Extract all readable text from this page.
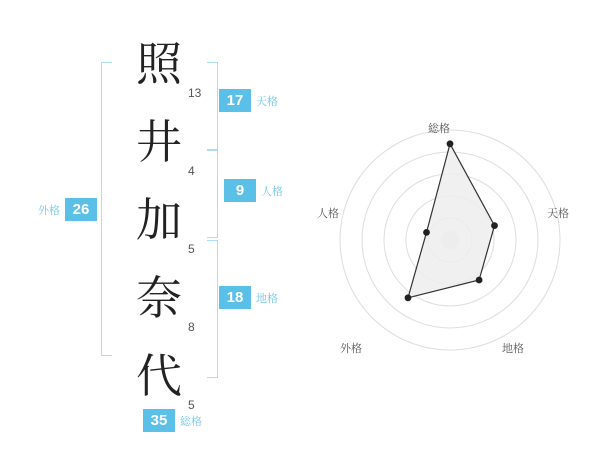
照
13
井
4
加
5
奈
8
代
5
17	天格
9	人格
18	地格
外格 26
35	総格
総格
天格
地格
外格
人格
